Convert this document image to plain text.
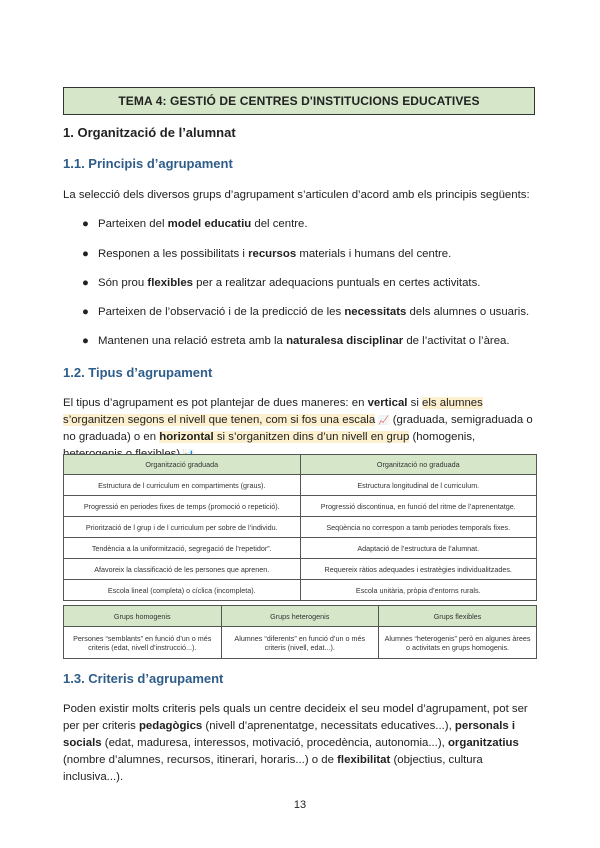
TEMA 4: GESTIÓ DE CENTRES D'INSTITUCIONS EDUCATIVES
1. Organització de l’alumnat
1.1. Principis d’agrupament
La selecció dels diversos grups d’agrupament s’articulen d’acord amb els principis següents:
● Parteixen del model educatiu del centre.
● Responen a les possibilitats i recursos materials i humans del centre.
● Són prou flexibles per a realitzar adequacions puntuals en certes activitats.
● Parteixen de l’observació i de la predicció de les necessitats dels alumnes o usuaris.
● Mantenen una relació estreta amb la naturalesa disciplinar de l’activitat o l’àrea.
1.2. Tipus d’agrupament
El tipus d’agrupament es pot plantejar de dues maneres: en vertical si els alumnes s’organitzen segons el nivell que tenen, com si fos una escala 📈 (graduada, semigraduada o no graduada) o en horizontal si s’organitzen dins d’un nivell en grup (homogenis,
Organització graduada	Organització no graduada
Estructura de l curriculum en compartiments (graus).	Estructura longitudinal de l curriculum.
Progressió en periodes fixes de temps (promoció o repetició).	Progressió discontinua, en funció del ritme de l’aprenentatge.
Priorització de l grup i de l curriculum per sobre de l’individu.	Seqüència no correspon a tamb periodes temporals fixes.
Tendència a la uniformització, segregació de l’repetidor”.	Adaptació de l’estructura de l’alumnat.
Afavoreix la classificació de les persones que aprenen.	Requereix ràtios adequades i estratègies individualitzades.
Escola lineal (completa) o cíclica (incompleta).	Escola unitària, pròpia d’entorns rurals.
Grups homogenis	Grups heterogenis	Grups flexibles
Persones “semblants” en funció d’un o més criteris (edat, nivell d’instrucció...).	Alumnes “diferents” en funció d’un o més criteris (nivell, edat...).	Alumnes “heterogenis” però en algunes àrees o activitats en grups homogenis.
1.3. Criteris d’agrupament
Poden existir molts criteris pels quals un centre decideix el seu model d’agrupament, pot ser per per criteris pedagògics (nivell d’aprenentatge, necessitats educatives...), personals i socials (edat, maduresa, interessos, motivació, procedència, autonomia...), organitzatius (nombre d’alumnes, recursos, itinerari, horaris...) o de flexibilitat (objectius, cultura inclusiva...).
13
